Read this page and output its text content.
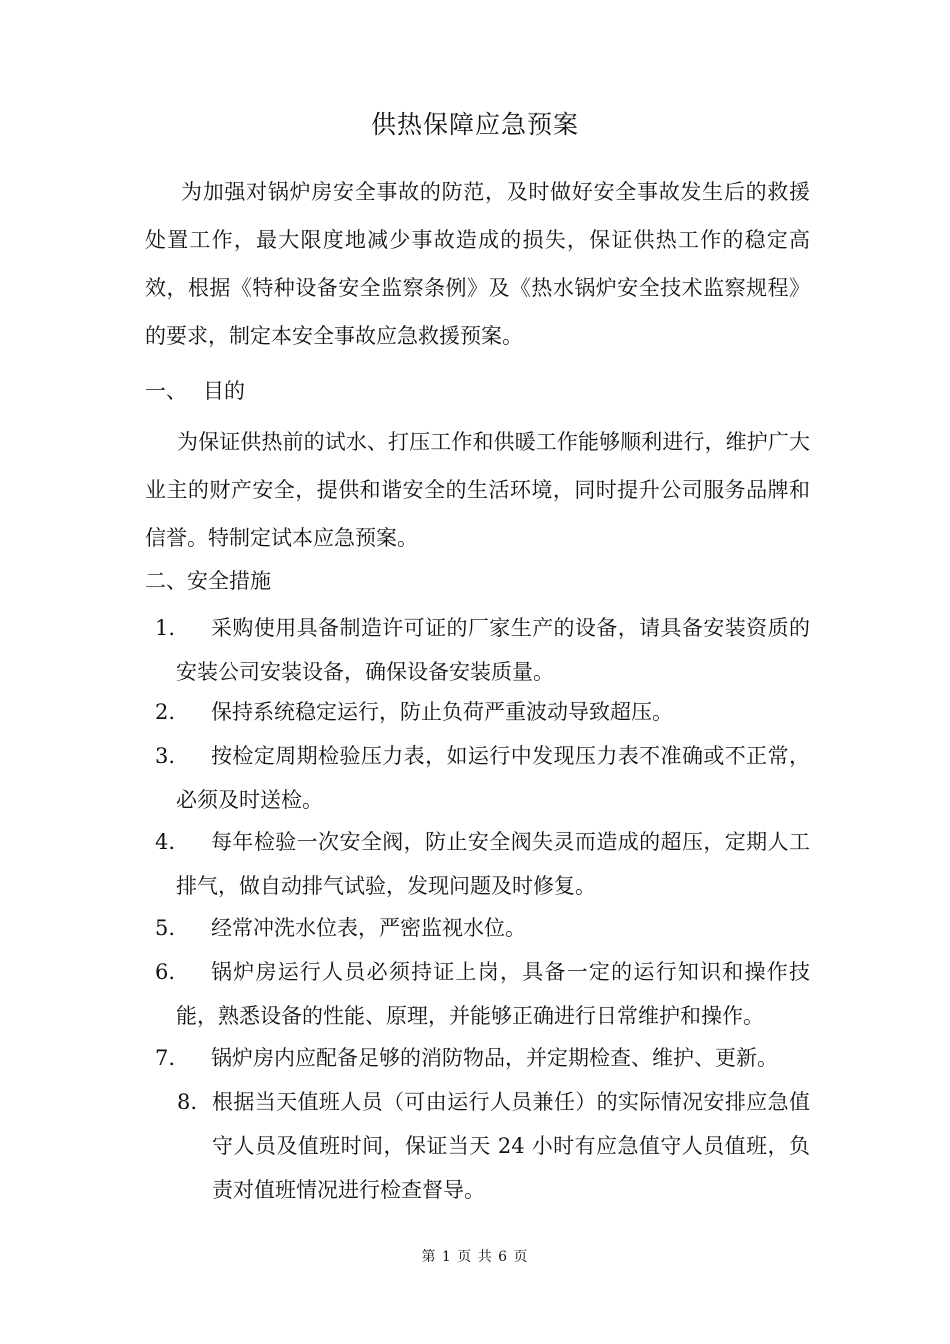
供热保障应急预案
为加强对锅炉房安全事故的防范，及时做好安全事故发生后的救援处置工作，最大限度地减少事故造成的损失，保证供热工作的稳定高效，根据《特种设备安全监察条例》及《热水锅炉安全技术监察规程》的要求，制定本安全事故应急救援预案。
一、 目的
为保证供热前的试水、打压工作和供暖工作能够顺利进行，维护广大业主的财产安全，提供和谐安全的生活环境，同时提升公司服务品牌和信誉。特制定试本应急预案。
二、安全措施
1.	采购使用具备制造许可证的厂家生产的设备，请具备安装资质的安装公司安装设备，确保设备安装质量。
2.	保持系统稳定运行，防止负荷严重波动导致超压。
3.	按检定周期检验压力表，如运行中发现压力表不准确或不正常，必须及时送检。
4.	每年检验一次安全阀，防止安全阀失灵而造成的超压，定期人工排气，做自动排气试验，发现问题及时修复。
5.	经常冲洗水位表，严密监视水位。
6.	锅炉房运行人员必须持证上岗，具备一定的运行知识和操作技能，熟悉设备的性能、原理，并能够正确进行日常维护和操作。
7.	锅炉房内应配备足够的消防物品，并定期检查、维护、更新。
8. 根据当天值班人员（可由运行人员兼任）的实际情况安排应急值守人员及值班时间，保证当天 24 小时有应急值守人员值班，负责对值班情况进行检查督导。
第 1 页 共 6 页
